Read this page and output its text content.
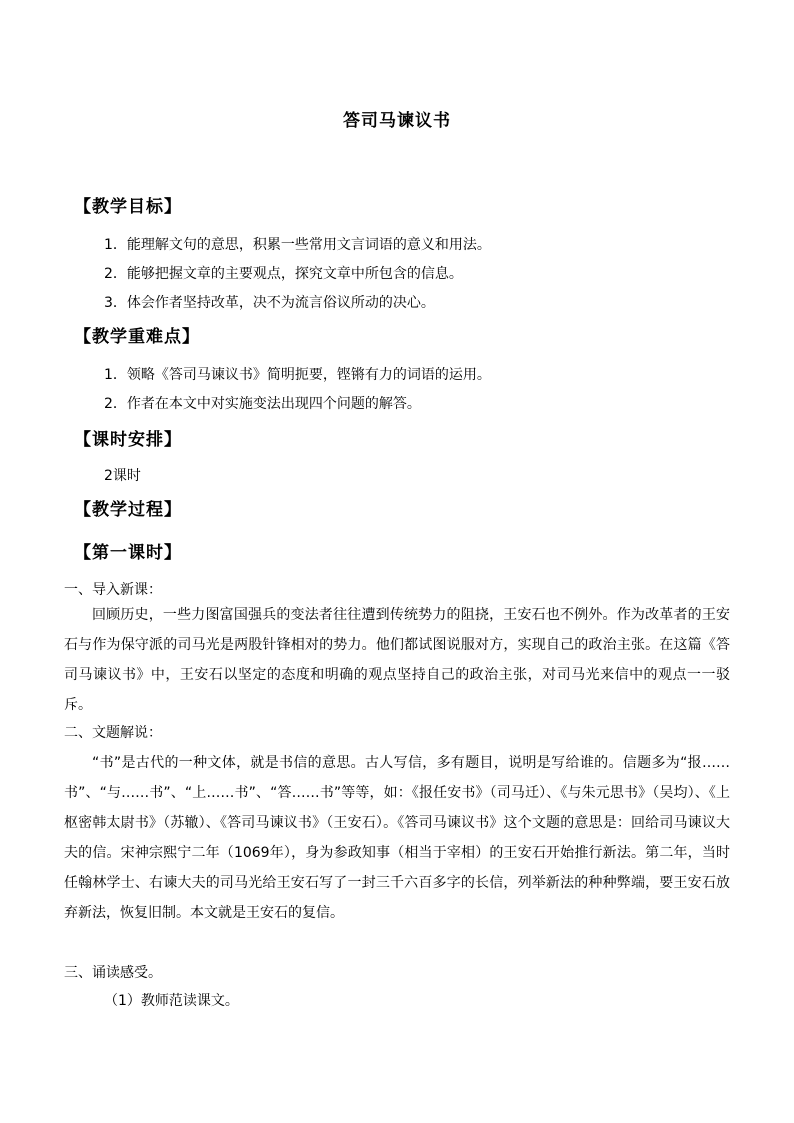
答司马谏议书
【教学目标】
1．能理解文句的意思，积累一些常用文言词语的意义和用法。
2．能够把握文章的主要观点，探究文章中所包含的信息。
3．体会作者坚持改革，决不为流言俗议所动的决心。
【教学重难点】
1．领略《答司马谏议书》简明扼要，铿锵有力的词语的运用。
2．作者在本文中对实施变法出现四个问题的解答。
【课时安排】
2课时
【教学过程】
【第一课时】
一、导入新课：
回顾历史，一些力图富国强兵的变法者往往遭到传统势力的阻挠，王安石也不例外。作为改革者的王安石与作为保守派的司马光是两股针锋相对的势力。他们都试图说服对方，实现自己的政治主张。在这篇《答司马谏议书》中，王安石以坚定的态度和明确的观点坚持自己的政治主张，对司马光来信中的观点一一驳斥。
二、文题解说：
“书”是古代的一种文体，就是书信的意思。古人写信，多有题目，说明是写给谁的。信题多为“报……书”、“与……书”、“上……书”、“答……书”等等，如：《报任安书》（司马迁）、《与朱元思书》（吴均）、《上枢密韩太尉书》（苏辙）、《答司马谏议书》（王安石）。《答司马谏议书》这个文题的意思是：回给司马谏议大夫的信。宋神宗熙宁二年（1069年），身为参政知事（相当于宰相）的王安石开始推行新法。第二年，当时任翰林学士、右谏大夫的司马光给王安石写了一封三千六百多字的长信，列举新法的种种弊端，要王安石放弃新法，恢复旧制。本文就是王安石的复信。
三、诵读感受。
（1）教师范读课文。
